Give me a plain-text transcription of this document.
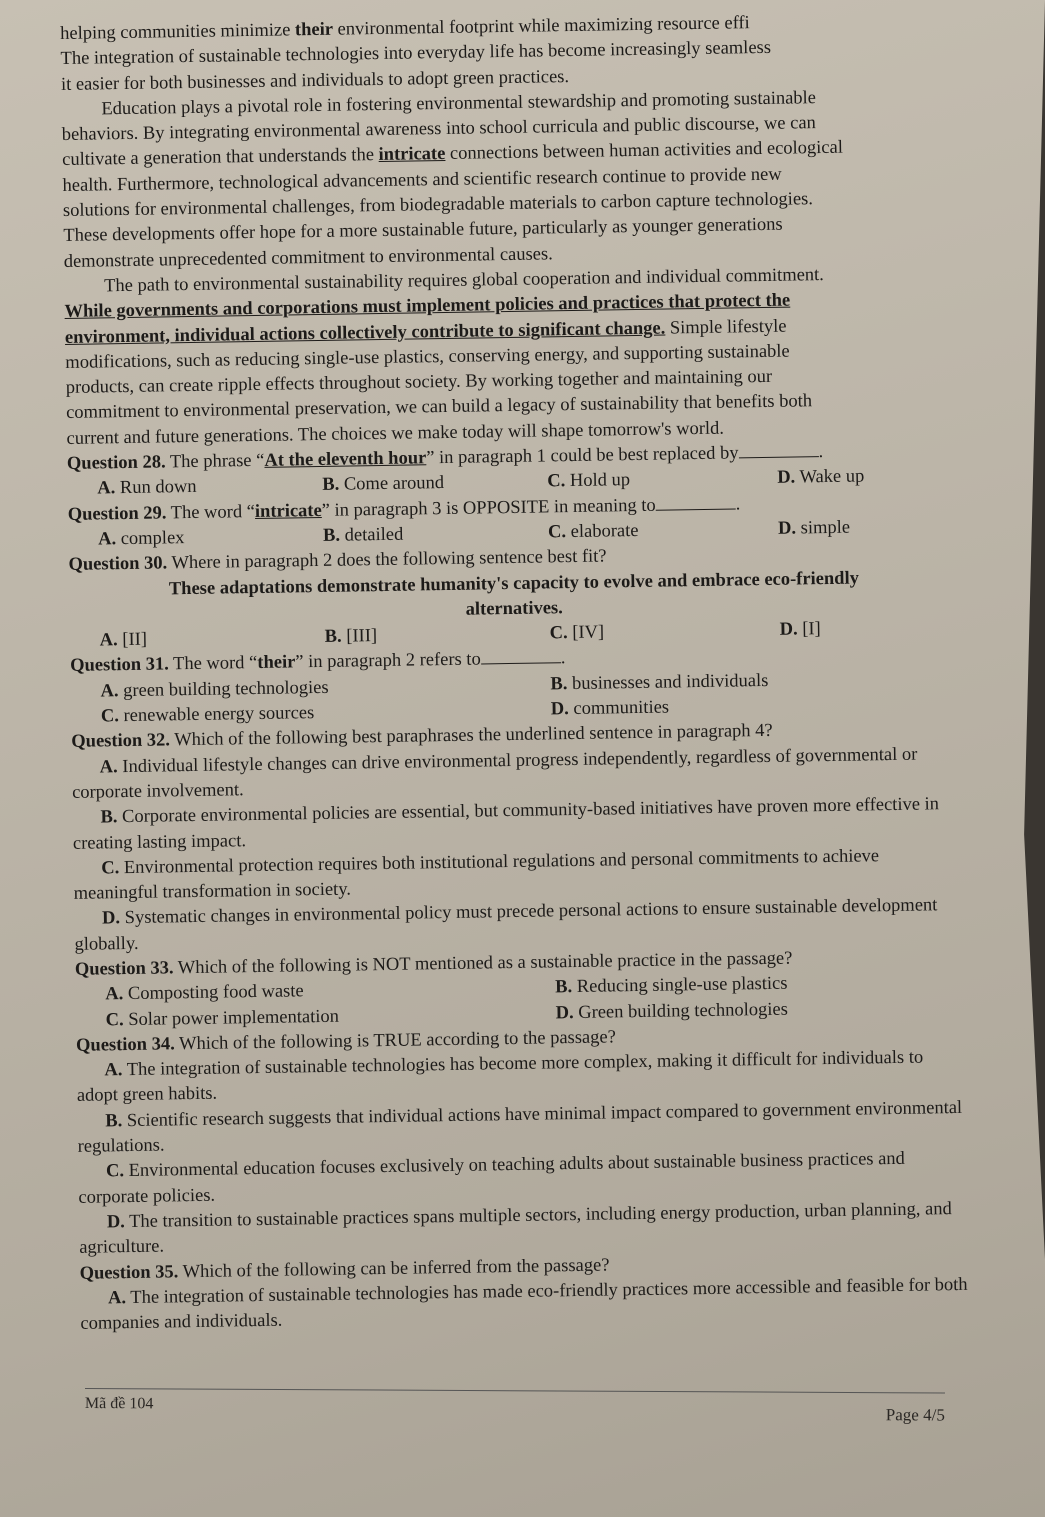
helping communities minimize their environmental footprint while maximizing resource effi

The integration of sustainable technologies into everyday life has become increasingly seamless

it easier for both businesses and individuals to adopt green practices.

Education plays a pivotal role in fostering environmental stewardship and promoting sustainable

behaviors. By integrating environmental awareness into school curricula and public discourse, we can

cultivate a generation that understands the intricate connections between human activities and ecological

health. Furthermore, technological advancements and scientific research continue to provide new

solutions for environmental challenges, from biodegradable materials to carbon capture technologies.

These developments offer hope for a more sustainable future, particularly as younger generations

demonstrate unprecedented commitment to environmental causes.

The path to environmental sustainability requires global cooperation and individual commitment.

While governments and corporations must implement policies and practices that protect the

environment, individual actions collectively contribute to significant change. Simple lifestyle

modifications, such as reducing single-use plastics, conserving energy, and supporting sustainable

products, can create ripple effects throughout society. By working together and maintaining our

commitment to environmental preservation, we can build a legacy of sustainability that benefits both

current and future generations. The choices we make today will shape tomorrow's world.

Question 28. The phrase “At the eleventh hour” in paragraph 1 could be best replaced by	.

A. Run down	B. Come around	C. Hold up	D. Wake up

Question 29. The word “intricate” in paragraph 3 is OPPOSITE in meaning to	.

A. complex	B. detailed	C. elaborate	D. simple

Question 30. Where in paragraph 2 does the following sentence best fit?

These adaptations demonstrate humanity's capacity to evolve and embrace eco-friendly

alternatives.

A. [II]	B. [III]	C. [IV]	D. [I]

Question 31. The word “their” in paragraph 2 refers to	.

A. green building technologies	B. businesses and individuals
C. renewable energy sources	D. communities

Question 32. Which of the following best paraphrases the underlined sentence in paragraph 4?

A. Individual lifestyle changes can drive environmental progress independently, regardless of governmental or corporate involvement.

B. Corporate environmental policies are essential, but community-based initiatives have proven more effective in creating lasting impact.

C. Environmental protection requires both institutional regulations and personal commitments to achieve meaningful transformation in society.

D. Systematic changes in environmental policy must precede personal actions to ensure sustainable development globally.

Question 33. Which of the following is NOT mentioned as a sustainable practice in the passage?

A. Composting food waste	B. Reducing single-use plastics
C. Solar power implementation	D. Green building technologies

Question 34. Which of the following is TRUE according to the passage?

A. The integration of sustainable technologies has become more complex, making it difficult for individuals to adopt green habits.

B. Scientific research suggests that individual actions have minimal impact compared to government environmental regulations.

C. Environmental education focuses exclusively on teaching adults about sustainable business practices and corporate policies.

D. The transition to sustainable practices spans multiple sectors, including energy production, urban planning, and agriculture.

Question 35. Which of the following can be inferred from the passage?

A. The integration of sustainable technologies has made eco-friendly practices more accessible and feasible for both companies and individuals.

Mã đề 104
Page 4/5
